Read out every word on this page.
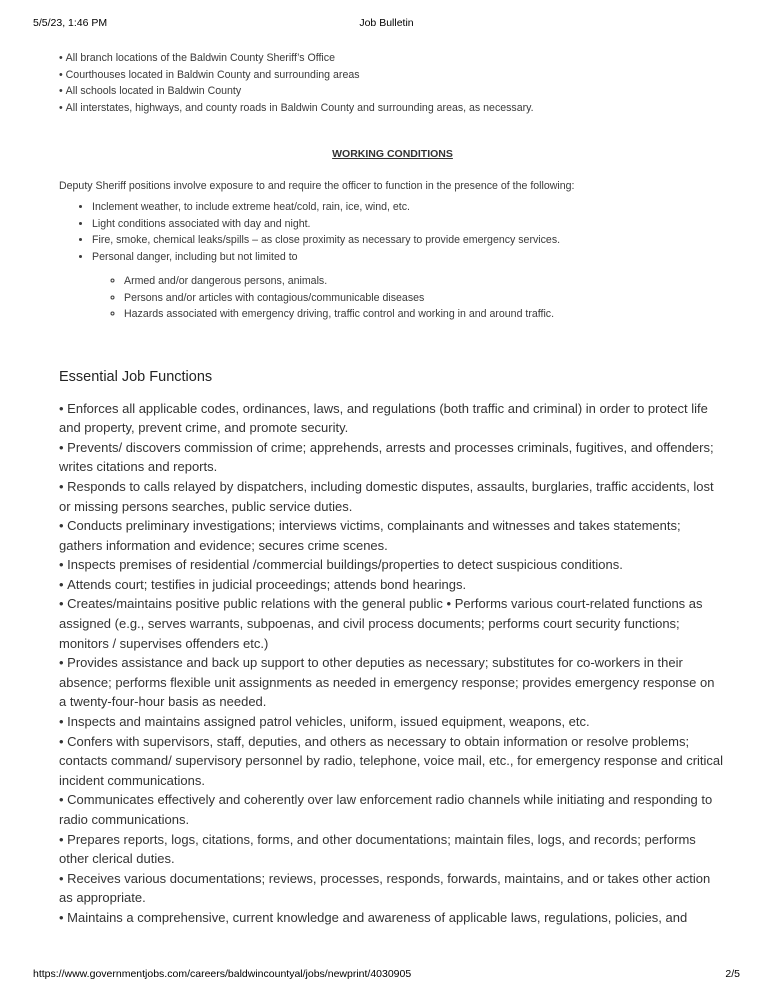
5/5/23, 1:46 PM	Job Bulletin
• All branch locations of the Baldwin County Sheriff’s Office
• Courthouses located in Baldwin County and surrounding areas
• All schools located in Baldwin County
• All interstates, highways, and county roads in Baldwin County and surrounding areas, as necessary.
WORKING CONDITIONS
Deputy Sheriff positions involve exposure to and require the officer to function in the presence of the following:
• Inclement weather, to include extreme heat/cold, rain, ice, wind, etc.
• Light conditions associated with day and night.
• Fire, smoke, chemical leaks/spills – as close proximity as necessary to provide emergency services.
• Personal danger, including but not limited to
◦ Armed and/or dangerous persons, animals.
◦ Persons and/or articles with contagious/communicable diseases
◦ Hazards associated with emergency driving, traffic control and working in and around traffic.
Essential Job Functions
• Enforces all applicable codes, ordinances, laws, and regulations (both traffic and criminal) in order to protect life and property, prevent crime, and promote security.
• Prevents/ discovers commission of crime; apprehends, arrests and processes criminals, fugitives, and offenders; writes citations and reports.
• Responds to calls relayed by dispatchers, including domestic disputes, assaults, burglaries, traffic accidents, lost or missing persons searches, public service duties.
• Conducts preliminary investigations; interviews victims, complainants and witnesses and takes statements; gathers information and evidence; secures crime scenes.
• Inspects premises of residential /commercial buildings/properties to detect suspicious conditions.
• Attends court; testifies in judicial proceedings; attends bond hearings.
• Creates/maintains positive public relations with the general public • Performs various court-related functions as assigned (e.g., serves warrants, subpoenas, and civil process documents; performs court security functions; monitors / supervises offenders etc.)
• Provides assistance and back up support to other deputies as necessary; substitutes for co-workers in their absence; performs flexible unit assignments as needed in emergency response; provides emergency response on a twenty-four-hour basis as needed.
• Inspects and maintains assigned patrol vehicles, uniform, issued equipment, weapons, etc.
• Confers with supervisors, staff, deputies, and others as necessary to obtain information or resolve problems; contacts command/ supervisory personnel by radio, telephone, voice mail, etc., for emergency response and critical incident communications.
• Communicates effectively and coherently over law enforcement radio channels while initiating and responding to radio communications.
• Prepares reports, logs, citations, forms, and other documentations; maintain files, logs, and records; performs other clerical duties.
• Receives various documentations; reviews, processes, responds, forwards, maintains, and or takes other action as appropriate.
• Maintains a comprehensive, current knowledge and awareness of applicable laws, regulations, policies, and
https://www.governmentjobs.com/careers/baldwincountyal/jobs/newprint/4030905	2/5
